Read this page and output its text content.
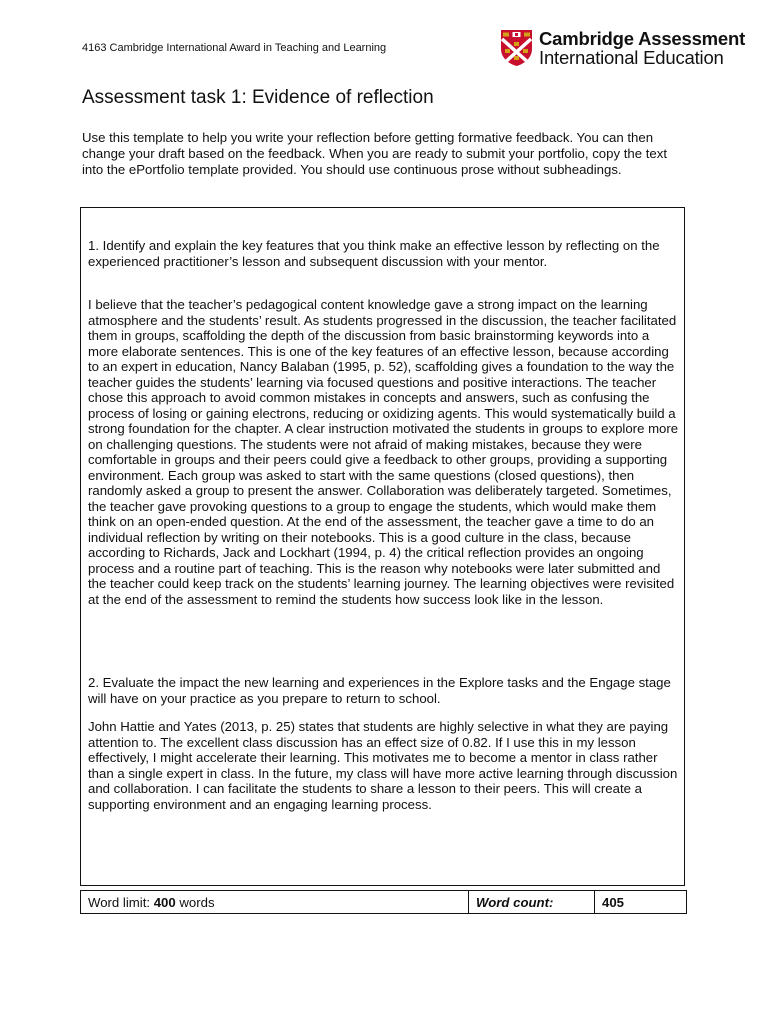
4163 Cambridge International Award in Teaching and Learning	Cambridge Assessment
International Education
Assessment task 1: Evidence of reflection

Use this template to help you write your reflection before getting formative feedback. You can then change your draft based on the feedback. When you are ready to submit your portfolio, copy the text into the ePortfolio template provided. You should use continuous prose without subheadings.

1. Identify and explain the key features that you think make an effective lesson by reflecting on the experienced practitioner’s lesson and subsequent discussion with your mentor.

I believe that the teacher’s pedagogical content knowledge gave a strong impact on the learning atmosphere and the students’ result. As students progressed in the discussion, the teacher facilitated them in groups, scaffolding the depth of the discussion from basic brainstorming keywords into a more elaborate sentences. This is one of the key features of an effective lesson, because according to an expert in education, Nancy Balaban (1995, p. 52), scaffolding gives a foundation to the way the teacher guides the students’ learning via focused questions and positive interactions. The teacher chose this approach to avoid common mistakes in concepts and answers, such as confusing the process of losing or gaining electrons, reducing or oxidizing agents. This would systematically build a strong foundation for the chapter. A clear instruction motivated the students in groups to explore more on challenging questions. The students were not afraid of making mistakes, because they were comfortable in groups and their peers could give a feedback to other groups, providing a supporting environment. Each group was asked to start with the same questions (closed questions), then randomly asked a group to present the answer. Collaboration was deliberately targeted. Sometimes, the teacher gave provoking questions to a group to engage the students, which would make them think on an open-ended question. At the end of the assessment, the teacher gave a time to do an individual reflection by writing on their notebooks. This is a good culture in the class, because according to Richards, Jack and Lockhart (1994, p. 4) the critical reflection provides an ongoing process and a routine part of teaching. This is the reason why notebooks were later submitted and the teacher could keep track on the students’ learning journey. The learning objectives were revisited at the end of the assessment to remind the students how success look like in the lesson.

2. Evaluate the impact the new learning and experiences in the Explore tasks and the Engage stage will have on your practice as you prepare to return to school.

John Hattie and Yates (2013, p. 25) states that students are highly selective in what they are paying attention to. The excellent class discussion has an effect size of 0.82. If I use this in my lesson effectively, I might accelerate their learning. This motivates me to become a mentor in class rather than a single expert in class. In the future, my class will have more active learning through discussion and collaboration. I can facilitate the students to share a lesson to their peers. This will create a supporting environment and an engaging learning process.

Word limit: 400 words	Word count:	405
